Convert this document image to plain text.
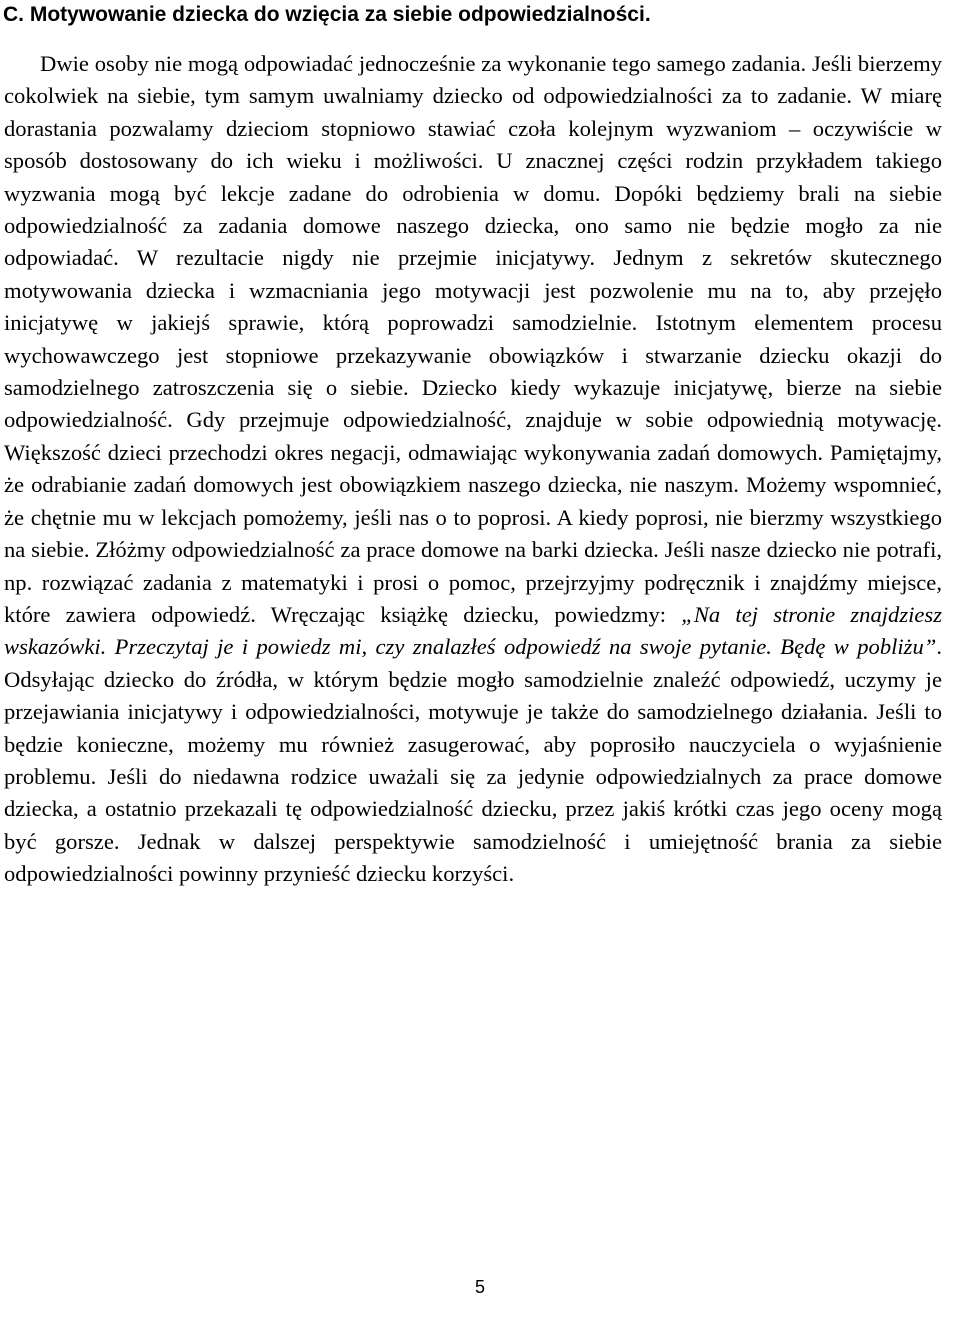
C. Motywowanie dziecka do wzięcia za siebie odpowiedzialności.

Dwie osoby nie mogą odpowiadać jednocześnie za wykonanie tego samego zadania. Jeśli bierzemy cokolwiek na siebie, tym samym uwalniamy dziecko od odpowiedzialności za to zadanie. W miarę dorastania pozwalamy dzieciom stopniowo stawiać czoła kolejnym wyzwaniom – oczywiście w sposób dostosowany do ich wieku i możliwości. U znacznej części rodzin przykładem takiego wyzwania mogą być lekcje zadane do odrobienia w domu. Dopóki będziemy brali na siebie odpowiedzialność za zadania domowe naszego dziecka, ono samo nie będzie mogło za nie odpowiadać. W rezultacie nigdy nie przejmie inicjatywy. Jednym z sekretów skutecznego motywowania dziecka i wzmacniania jego motywacji jest pozwolenie mu na to, aby przejęło inicjatywę w jakiejś sprawie, którą poprowadzi samodzielnie. Istotnym elementem procesu wychowawczego jest stopniowe przekazywanie obowiązków i stwarzanie dziecku okazji do samodzielnego zatroszczenia się o siebie. Dziecko kiedy wykazuje inicjatywę, bierze na siebie odpowiedzialność. Gdy przejmuje odpowiedzialność, znajduje w sobie odpowiednią motywację. Większość dzieci przechodzi okres negacji, odmawiając wykonywania zadań domowych. Pamiętajmy, że odrabianie zadań domowych jest obowiązkiem naszego dziecka, nie naszym. Możemy wspomnieć, że chętnie mu w lekcjach pomożemy, jeśli nas o to poprosi. A kiedy poprosi, nie bierzmy wszystkiego na siebie. Złóżmy odpowiedzialność za prace domowe na barki dziecka. Jeśli nasze dziecko nie potrafi, np. rozwiązać zadania z matematyki i prosi o pomoc, przejrzyjmy podręcznik i znajdźmy miejsce, które zawiera odpowiedź. Wręczając książkę dziecku, powiedzmy: „Na tej stronie znajdziesz wskazówki. Przeczytaj je i powiedz mi, czy znalazłeś odpowiedź na swoje pytanie. Będę w pobliżu”. Odsyłając dziecko do źródła, w którym będzie mogło samodzielnie znaleźć odpowiedź, uczymy je przejawiania inicjatywy i odpowiedzialności, motywuje je także do samodzielnego działania. Jeśli to będzie konieczne, możemy mu również zasugerować, aby poprosiło nauczyciela o wyjaśnienie problemu. Jeśli do niedawna rodzice uważali się za jedynie odpowiedzialnych za prace domowe dziecka, a ostatnio przekazali tę odpowiedzialność dziecku, przez jakiś krótki czas jego oceny mogą być gorsze. Jednak w dalszej perspektywie samodzielność i umiejętność brania za siebie odpowiedzialności powinny przynieść dziecku korzyści.

5
